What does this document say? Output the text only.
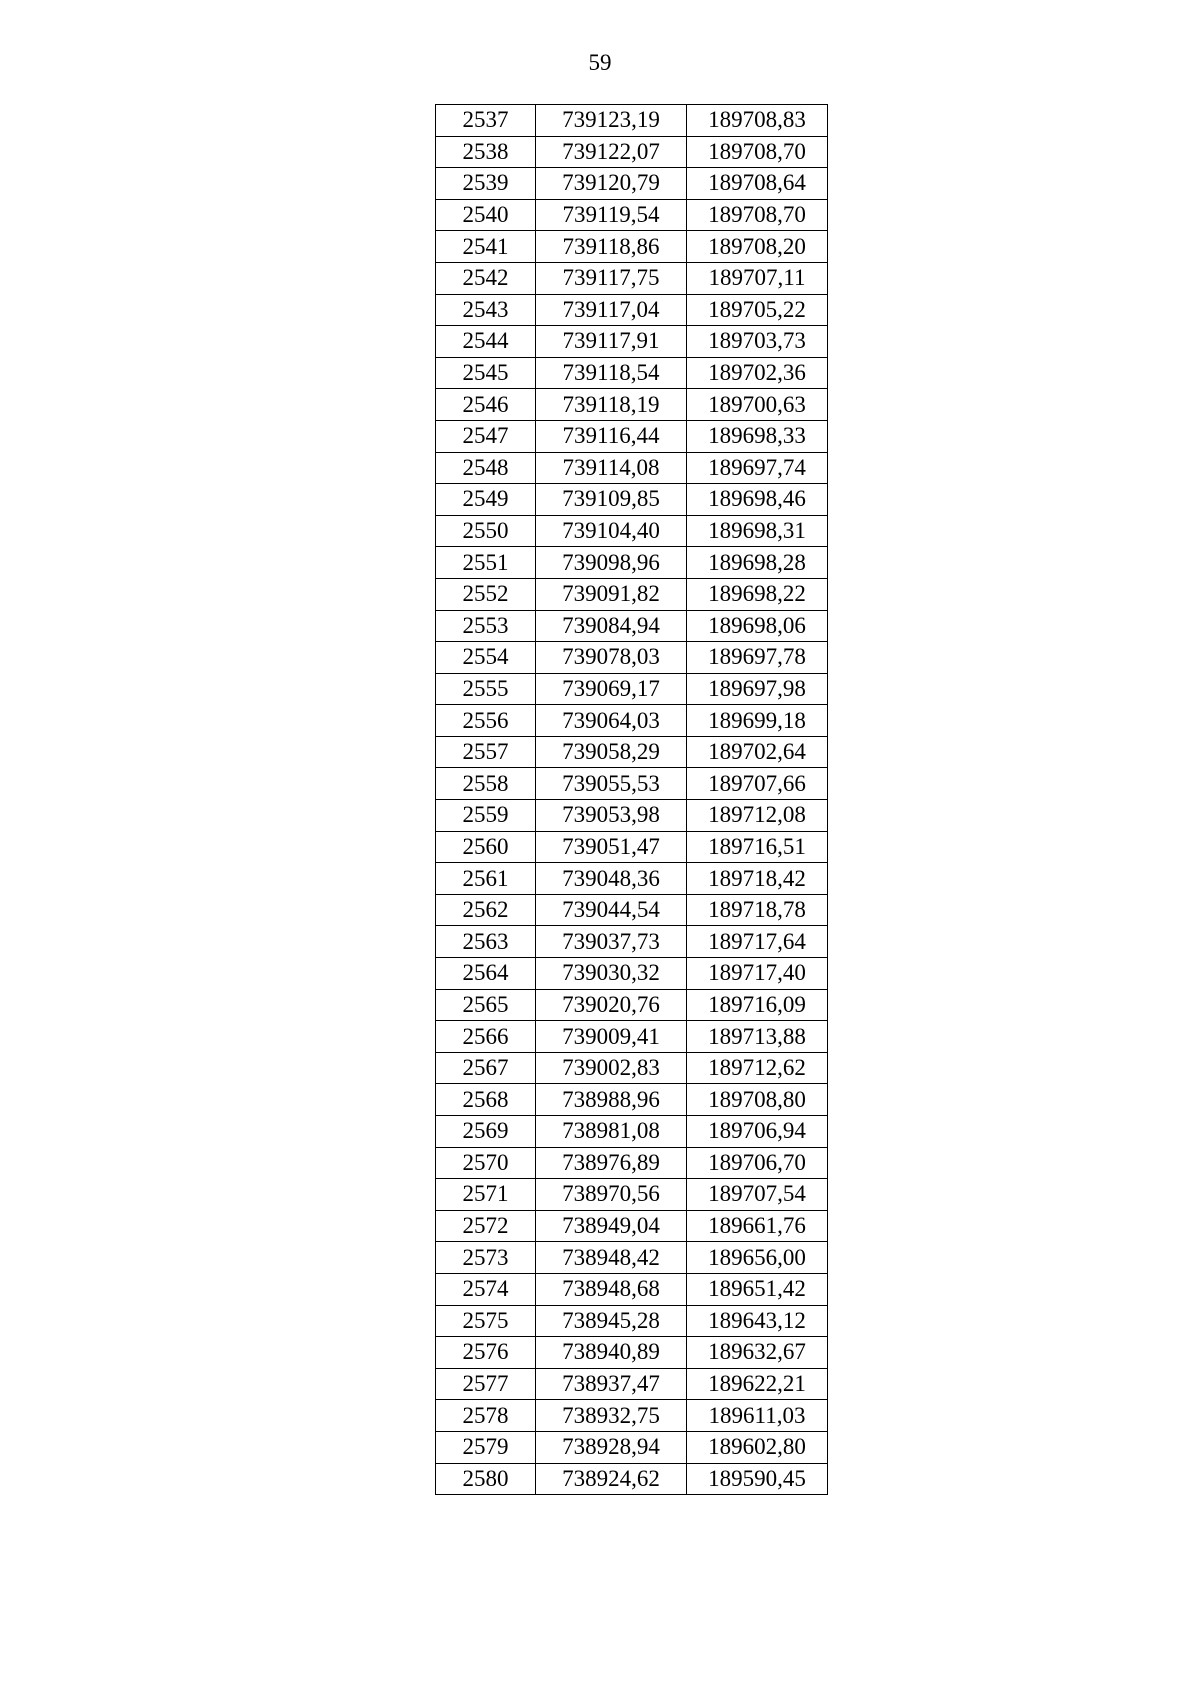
59
2537	739123,19	189708,83
2538	739122,07	189708,70
2539	739120,79	189708,64
2540	739119,54	189708,70
2541	739118,86	189708,20
2542	739117,75	189707,11
2543	739117,04	189705,22
2544	739117,91	189703,73
2545	739118,54	189702,36
2546	739118,19	189700,63
2547	739116,44	189698,33
2548	739114,08	189697,74
2549	739109,85	189698,46
2550	739104,40	189698,31
2551	739098,96	189698,28
2552	739091,82	189698,22
2553	739084,94	189698,06
2554	739078,03	189697,78
2555	739069,17	189697,98
2556	739064,03	189699,18
2557	739058,29	189702,64
2558	739055,53	189707,66
2559	739053,98	189712,08
2560	739051,47	189716,51
2561	739048,36	189718,42
2562	739044,54	189718,78
2563	739037,73	189717,64
2564	739030,32	189717,40
2565	739020,76	189716,09
2566	739009,41	189713,88
2567	739002,83	189712,62
2568	738988,96	189708,80
2569	738981,08	189706,94
2570	738976,89	189706,70
2571	738970,56	189707,54
2572	738949,04	189661,76
2573	738948,42	189656,00
2574	738948,68	189651,42
2575	738945,28	189643,12
2576	738940,89	189632,67
2577	738937,47	189622,21
2578	738932,75	189611,03
2579	738928,94	189602,80
2580	738924,62	189590,45
